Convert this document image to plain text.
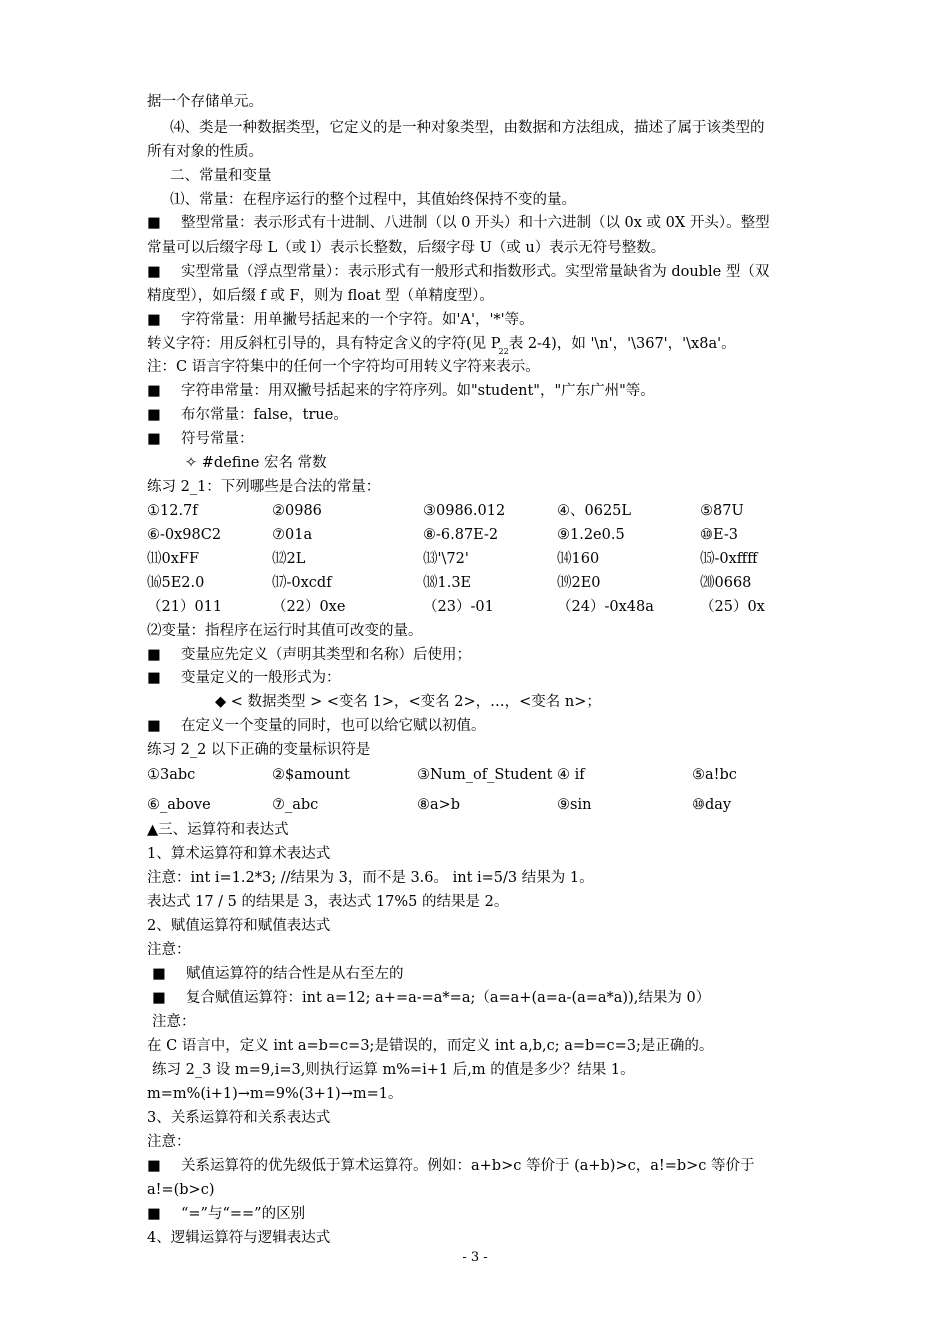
据一个存储单元。
⑷、类是一种数据类型，它定义的是一种对象类型，由数据和方法组成，描述了属于该类型的
所有对象的性质。
二、常量和变量
⑴、常量：在程序运行的整个过程中，其值始终保持不变的量。
■ 整型常量：表示形式有十进制、八进制（以 0 开头）和十六进制（以 0x 或 0X 开头）。整型
常量可以后缀字母 L（或 l）表示长整数，后缀字母 U（或 u）表示无符号整数。
■ 实型常量（浮点型常量）：表示形式有一般形式和指数形式。实型常量缺省为 double 型（双
精度型），如后缀 f 或 F，则为 float 型（单精度型）。
■ 字符常量：用单撇号括起来的一个字符。如'A'，'*'等。
转义字符：用反斜杠引导的，具有特定含义的字符(见 $P_{22}$表 2-4)，如 '\n'，'\367'，'\x8a'。
注：C 语言字符集中的任何一个字符均可用转义字符来表示。
■ 字符串常量：用双撇号括起来的字符序列。如"student"，"广东广州"等。
■ 布尔常量：false，true。
■ 符号常量：
✧ #define 宏名 常数
练习 2_1：下列哪些是合法的常量：
①12.7f	②0986	③0986.012	④、0625L	⑤87U
⑥-0x98C2	⑦01a	⑧-6.87E-2	⑨1.2e0.5	⑩E-3
⑾0xFF	⑿2L	⒀'\72'	⒁160	⒂-0xffff
⒃5E2.0	⒄-0xcdf	⒅1.3E	⒆2E0	⒇0668
（21）011	（22）0xe	（23）-01	（24）-0x48a	（25）0x
⑵变量：指程序在运行时其值可改变的量。
■ 变量应先定义（声明其类型和名称）后使用；
■ 变量定义的一般形式为：
◆ < 数据类型 > <变名 1>，<变名 2>，…，<变名 n>；
■ 在定义一个变量的同时，也可以给它赋以初值。
练习 2_2 以下正确的变量标识符是
①3abc	②$amount	③Num_of_Student ④ if	⑤a!bc
⑥_above	⑦_abc	⑧a>b	⑨sin	⑩day
▲三、运算符和表达式
1、算术运算符和算术表达式
注意：int i=1.2*3; //结果为 3，而不是 3.6。 int i=5/3 结果为 1。
表达式 17 / 5 的结果是 3，表达式 17%5 的结果是 2。
2、赋值运算符和赋值表达式
注意：
■ 赋值运算符的结合性是从右至左的
■ 复合赋值运算符：int a=12; a+=a-=a*=a;（a=a+(a=a-(a=a*a)),结果为 0）
注意：
在 C 语言中，定义 int a=b=c=3;是错误的，而定义 int a,b,c; a=b=c=3;是正确的。
练习 2_3 设 m=9,i=3,则执行运算 m%=i+1 后,m 的值是多少？结果 1。
m=m%(i+1)→m=9%(3+1)→m=1。
3、关系运算符和关系表达式
注意：
■ 关系运算符的优先级低于算术运算符。例如：a+b>c 等价于 (a+b)>c，a!=b>c 等价于
a!=(b>c)
■ “=”与“==”的区别
4、逻辑运算符与逻辑表达式
- 3 -
